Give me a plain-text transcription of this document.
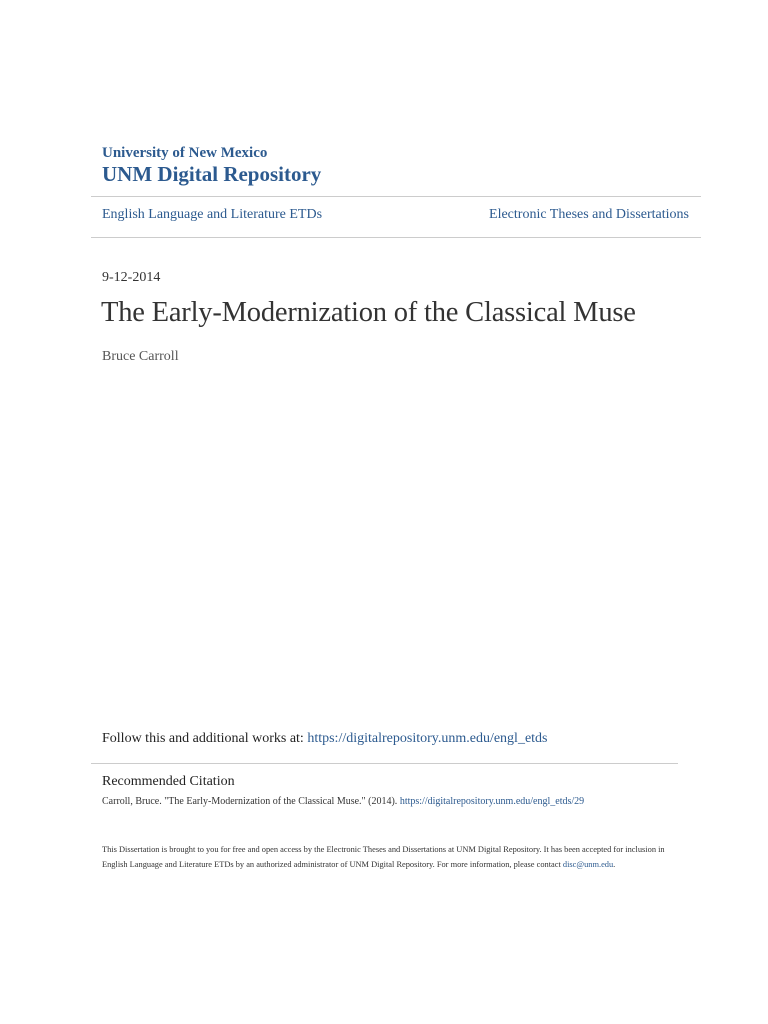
University of New Mexico
UNM Digital Repository
English Language and Literature ETDs	Electronic Theses and Dissertations
9-12-2014
The Early-Modernization of the Classical Muse
Bruce Carroll
Follow this and additional works at: https://digitalrepository.unm.edu/engl_etds
Recommended Citation
Carroll, Bruce. "The Early-Modernization of the Classical Muse." (2014). https://digitalrepository.unm.edu/engl_etds/29
This Dissertation is brought to you for free and open access by the Electronic Theses and Dissertations at UNM Digital Repository. It has been accepted for inclusion in English Language and Literature ETDs by an authorized administrator of UNM Digital Repository. For more information, please contact disc@unm.edu.
